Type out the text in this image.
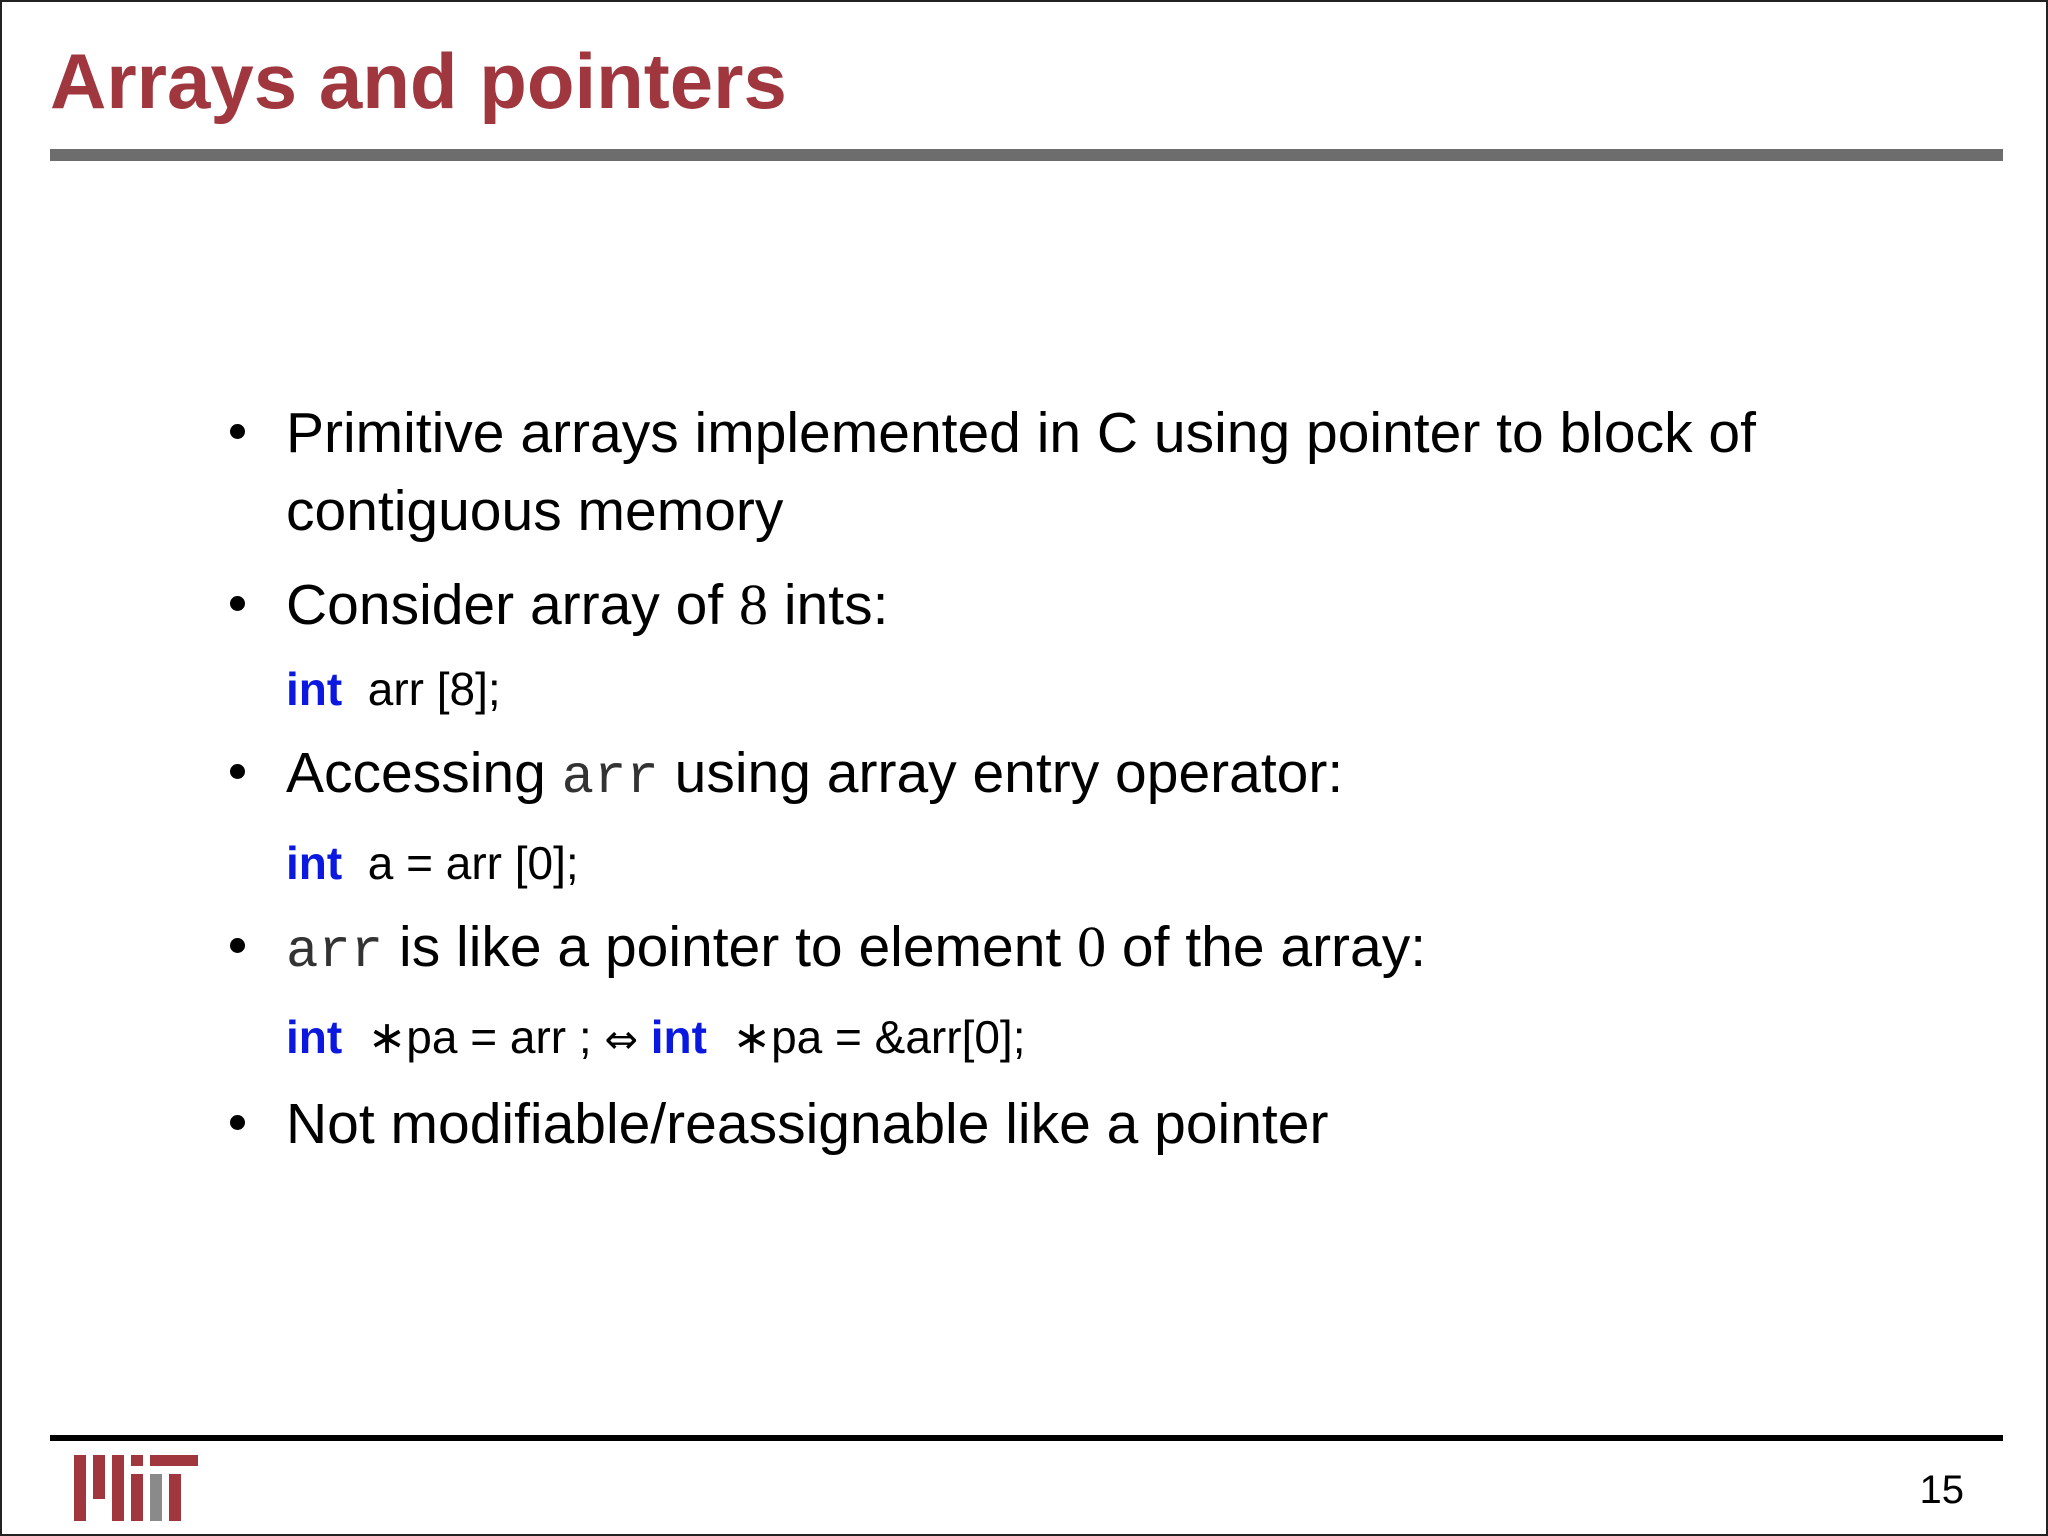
Arrays and pointers
Primitive arrays implemented in C using pointer to block of contiguous memory
Consider array of 8 ints:
int  arr [8];
Accessing arr using array entry operator:
int  a = arr [0];
arr is like a pointer to element 0 of the array:
int  ∗pa = arr ; ⇔ int  ∗pa = &arr[0];
Not modifiable/reassignable like a pointer
15
